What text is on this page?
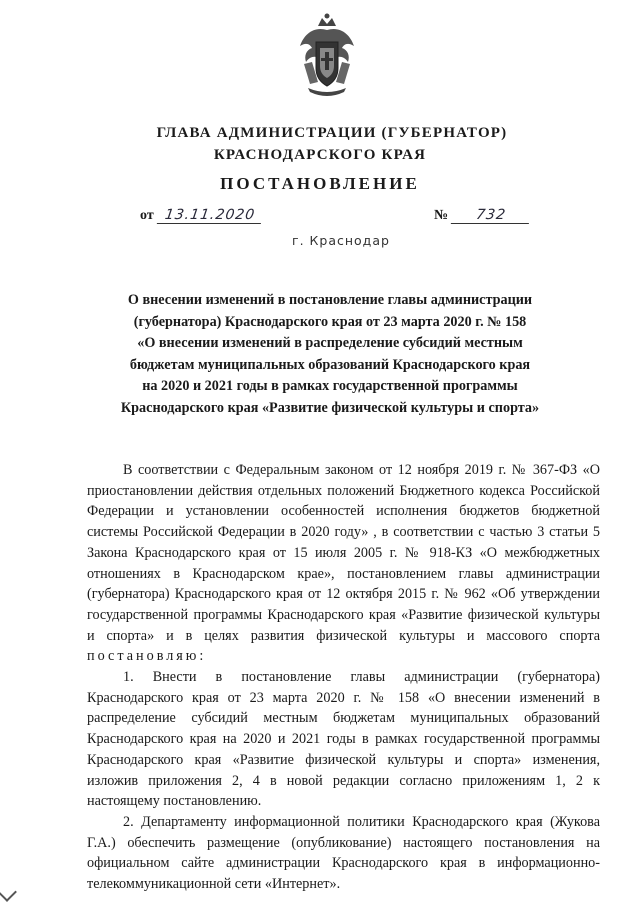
ГЛАВА АДМИНИСТРАЦИИ (ГУБЕРНАТОР)
КРАСНОДАРСКОГО КРАЯ
ПОСТАНОВЛЕНИЕ
от 13.11.2020	№ 732
г. Краснодар
О внесении изменений в постановление главы администрации
(губернатора) Краснодарского края от 23 марта 2020 г. № 158
«О внесении изменений в распределение субсидий местным
бюджетам муниципальных образований Краснодарского края
на 2020 и 2021 годы в рамках государственной программы
Краснодарского края «Развитие физической культуры и спорта»

В соответствии с Федеральным законом от 12 ноября 2019 г. № 367-ФЗ «О приостановлении действия отдельных положений Бюджетного кодекса Российской Федерации и установлении особенностей исполнения бюджетов бюджетной системы Российской Федерации в 2020 году» , в соответствии с частью 3 статьи 5 Закона Краснодарского края от 15 июля 2005 г. № 918-КЗ «О межбюджетных отношениях в Краснодарском крае», постановлением главы администрации (губернатора) Краснодарского края от 12 октября 2015 г. № 962 «Об утверждении государственной программы Краснодарского края «Развитие физической культуры и спорта» и в целях развития физической культуры и массового спорта постановляю:

1. Внести в постановление главы администрации (губернатора) Краснодарского края от 23 марта 2020 г. № 158 «О внесении изменений в распределение субсидий местным бюджетам муниципальных образований Краснодарского края на 2020 и 2021 годы в рамках государственной программы Краснодарского края «Развитие физической культуры и спорта» изменения, изложив приложения 2, 4 в новой редакции согласно приложениям 1, 2 к настоящему постановлению.

2. Департаменту информационной политики Краснодарского края (Жукова Г.А.) обеспечить размещение (опубликование) настоящего постановления на официальном сайте администрации Краснодарского края в информационно-телекоммуникационной сети «Интернет».
